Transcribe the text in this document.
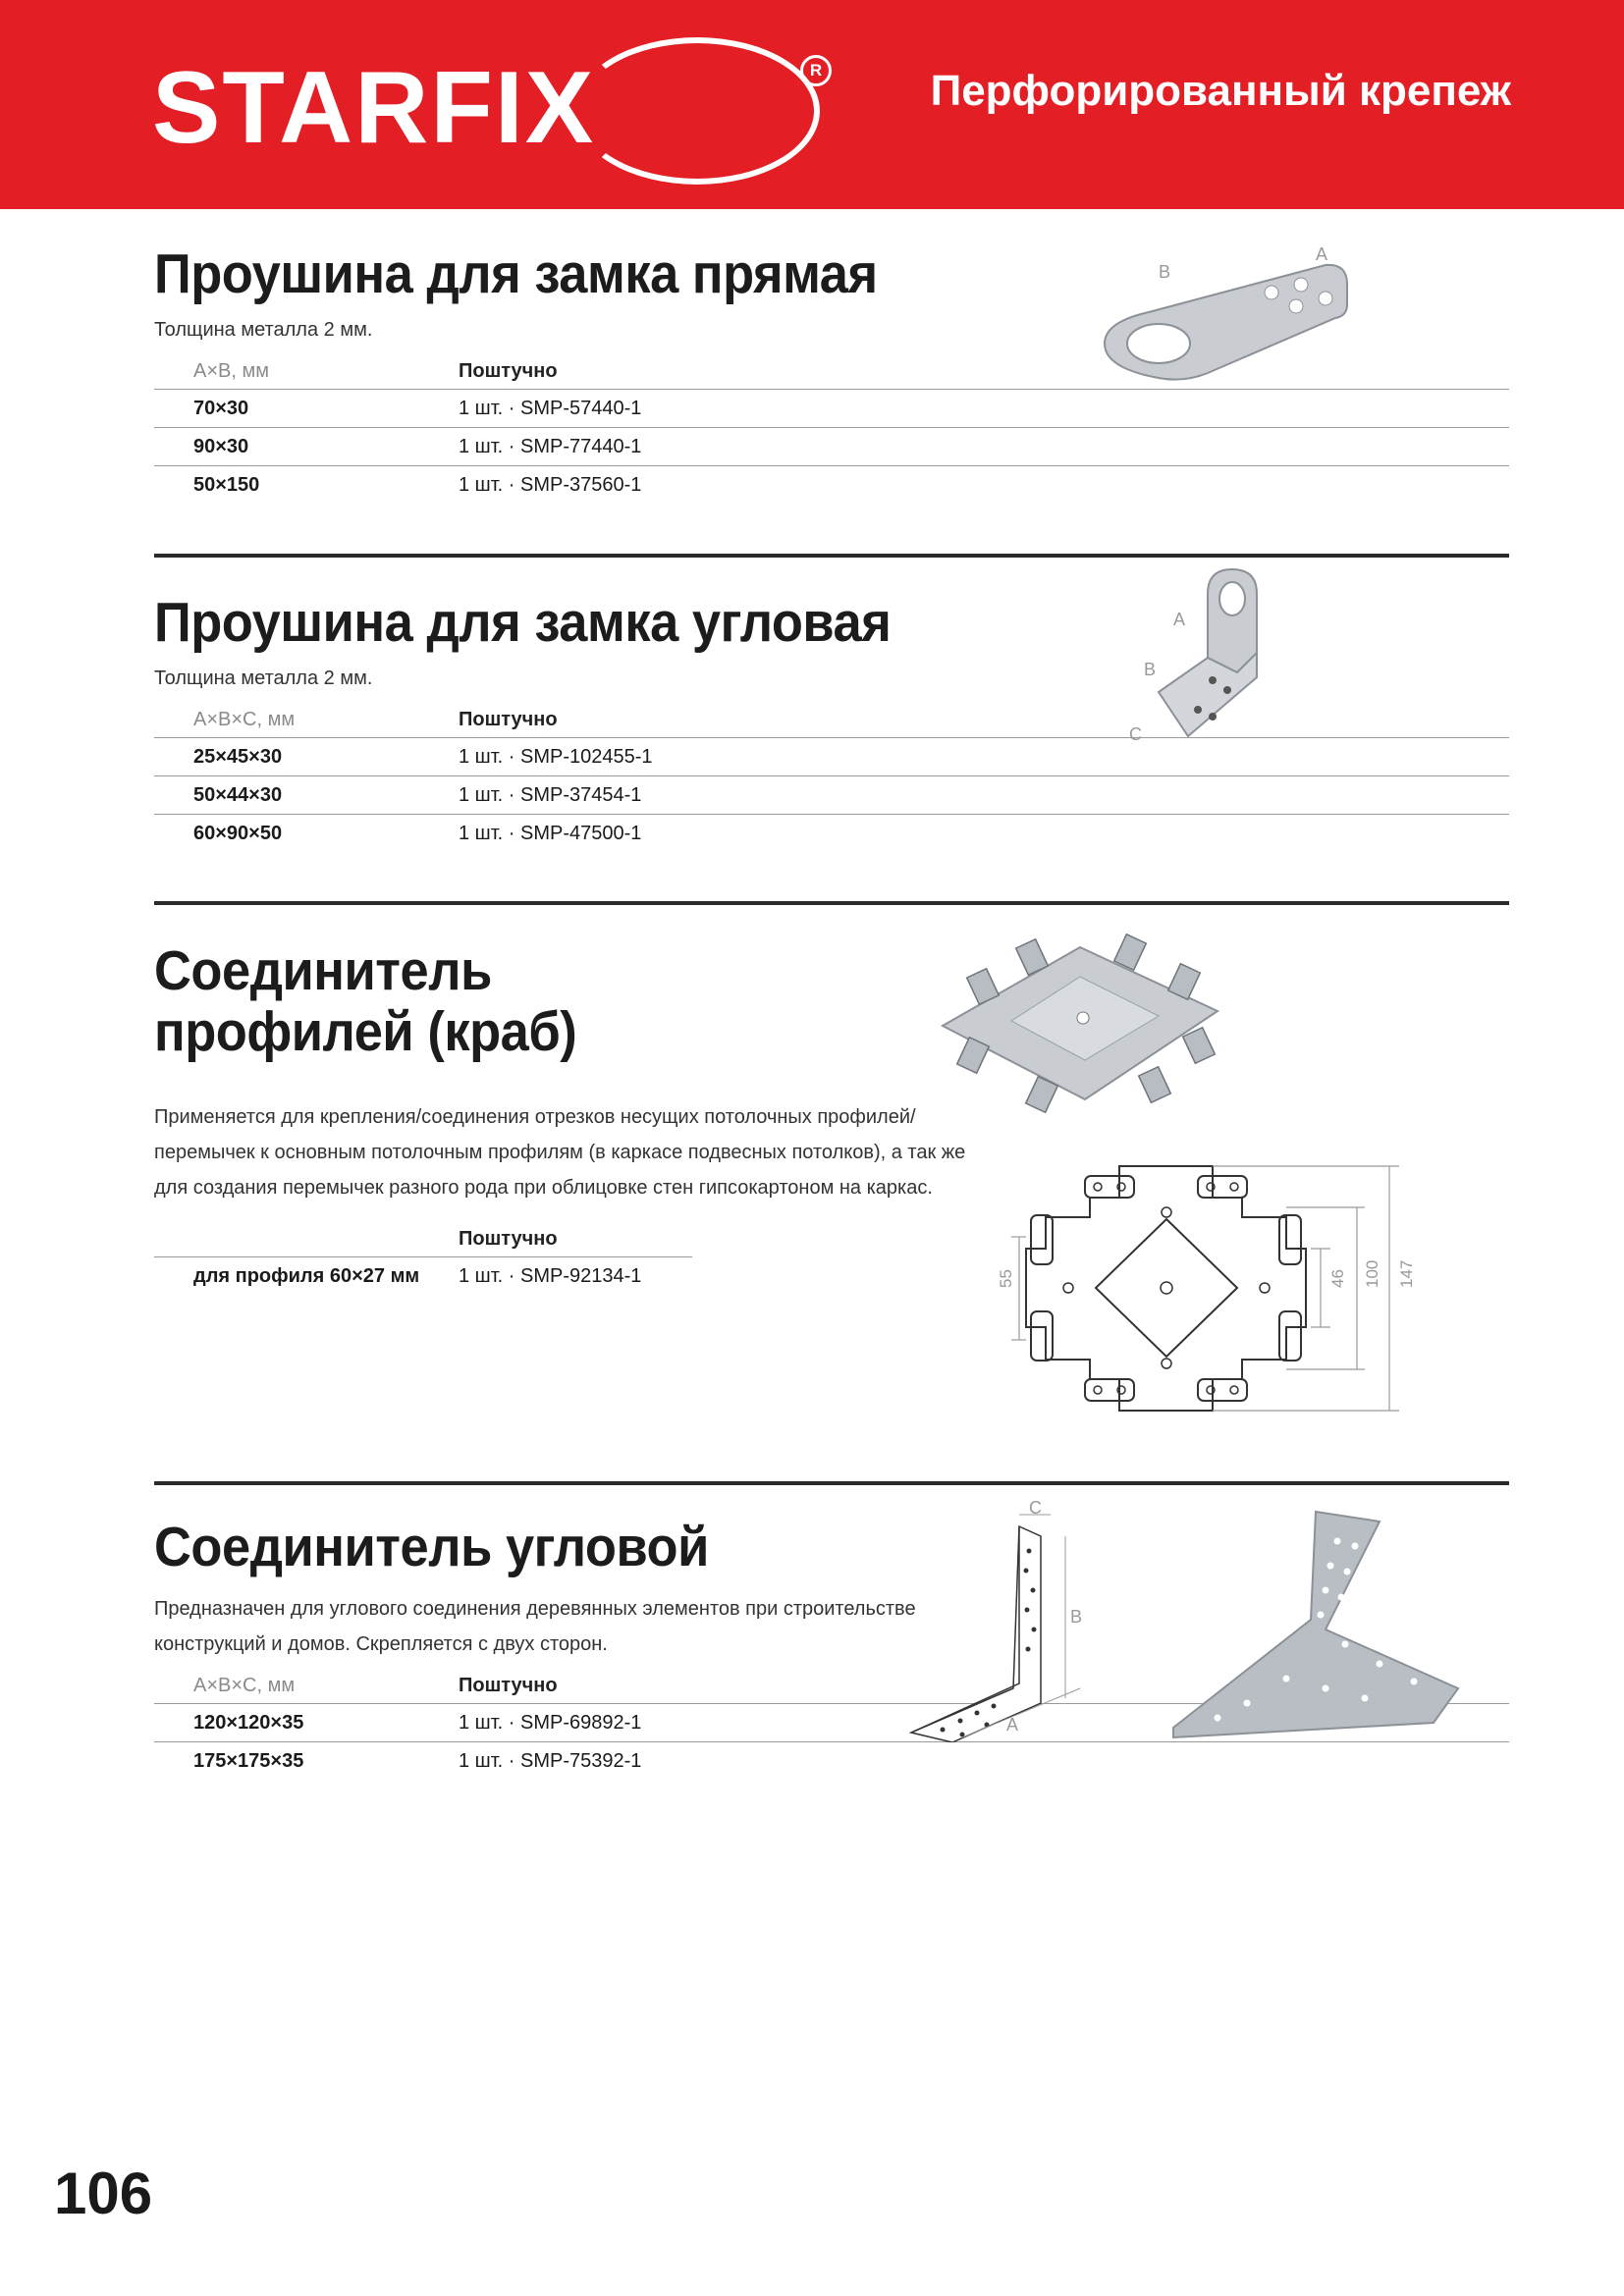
STARFIX	R	Перфорированный крепеж
Проушина для замка прямая

Толщина металла 2 мм.

A×B, мм	Поштучно
70×30	1 шт. · SMP-57440-1
90×30	1 шт. · SMP-77440-1
50×150	1 шт. · SMP-37560-1
B
A
Проушина для замка угловая

Толщина металла 2 мм.

A×B×C, мм	Поштучно
25×45×30	1 шт. · SMP-102455-1
50×44×30	1 шт. · SMP-37454-1
60×90×50	1 шт. · SMP-47500-1
A
B
C
Соединитель
профилей (краб)

Применяется для крепления/соединения отрезков несущих потолочных профилей/

перемычек к основным потолочным профилям (в каркасе подвесных потолков), а так же

для создания перемычек разного рода при облицовке стен гипсокартоном на каркас.

	Поштучно
для профиля 60×27 мм	1 шт. · SMP-92134-1	55	46 100 147
Соединитель угловой

Предназначен для углового соединения деревянных элементов при строительстве

конструкций и домов. Скрепляется с двух сторон.

A×B×C, мм	Поштучно
120×120×35	1 шт. · SMP-69892-1
175×175×35	1 шт. · SMP-75392-1
C
B
A
106
